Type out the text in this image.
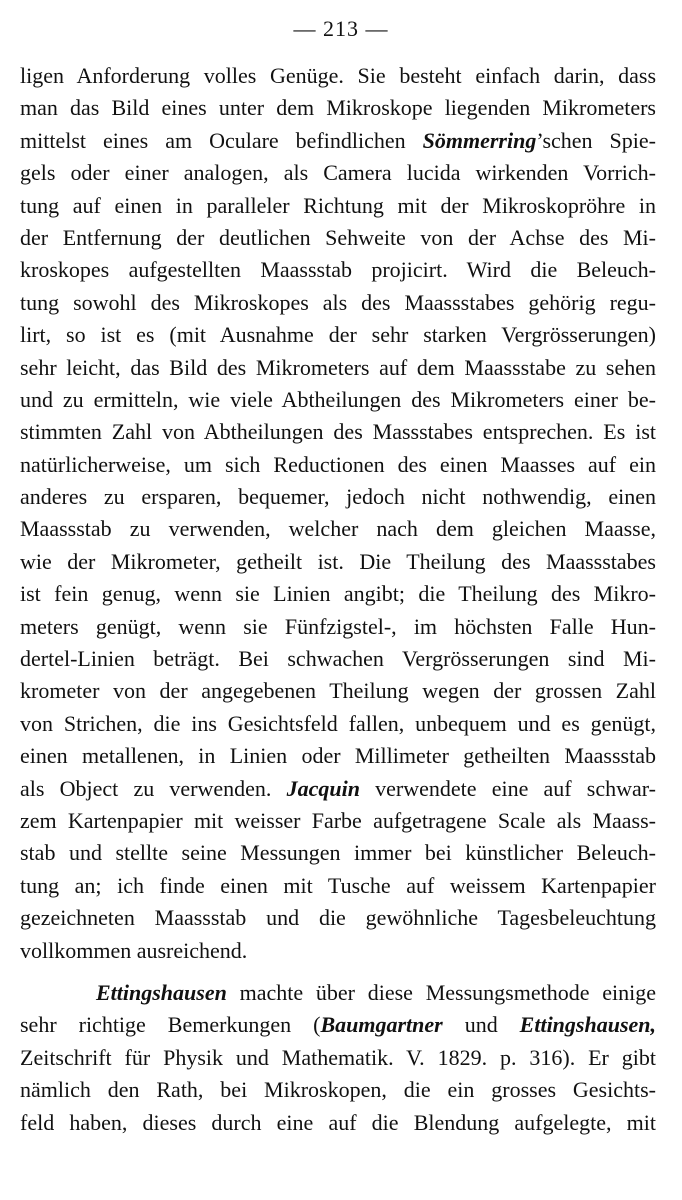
— 213 —
ligen Anforderung volles Genüge. Sie besteht einfach darin, dass
man das Bild eines unter dem Mikroskope liegenden Mikrometers
mittelst eines am Oculare befindlichen Sömmerring’schen Spie-
gels oder einer analogen, als Camera lucida wirkenden Vorrich-
tung auf einen in paralleler Richtung mit der Mikroskopröhre in
der Entfernung der deutlichen Sehweite von der Achse des Mi-
kroskopes aufgestellten Maassstab projicirt. Wird die Beleuch-
tung sowohl des Mikroskopes als des Maassstabes gehörig regu-
lirt, so ist es (mit Ausnahme der sehr starken Vergrösserungen)
sehr leicht, das Bild des Mikrometers auf dem Maassstabe zu sehen
und zu ermitteln, wie viele Abtheilungen des Mikrometers einer be-
stimmten Zahl von Abtheilungen des Massstabes entsprechen. Es ist
natürlicherweise, um sich Reductionen des einen Maasses auf ein
anderes zu ersparen, bequemer, jedoch nicht nothwendig, einen
Maassstab zu verwenden, welcher nach dem gleichen Maasse,
wie der Mikrometer, getheilt ist. Die Theilung des Maassstabes
ist fein genug, wenn sie Linien angibt; die Theilung des Mikro-
meters genügt, wenn sie Fünfzigstel-, im höchsten Falle Hun-
dertel-Linien beträgt. Bei schwachen Vergrösserungen sind Mi-
krometer von der angegebenen Theilung wegen der grossen Zahl
von Strichen, die ins Gesichtsfeld fallen, unbequem und es genügt,
einen metallenen, in Linien oder Millimeter getheilten Maassstab
als Object zu verwenden. Jacquin verwendete eine auf schwar-
zem Kartenpapier mit weisser Farbe aufgetragene Scale als Maass-
stab und stellte seine Messungen immer bei künstlicher Beleuch-
tung an; ich finde einen mit Tusche auf weissem Kartenpapier
gezeichneten Maassstab und die gewöhnliche Tagesbeleuchtung
vollkommen ausreichend.
Ettingshausen machte über diese Messungsmethode einige
sehr richtige Bemerkungen (Baumgartner und Ettingshausen,
Zeitschrift für Physik und Mathematik. V. 1829. p. 316). Er gibt
nämlich den Rath, bei Mikroskopen, die ein grosses Gesichts-
feld haben, dieses durch eine auf die Blendung aufgelegte, mit
